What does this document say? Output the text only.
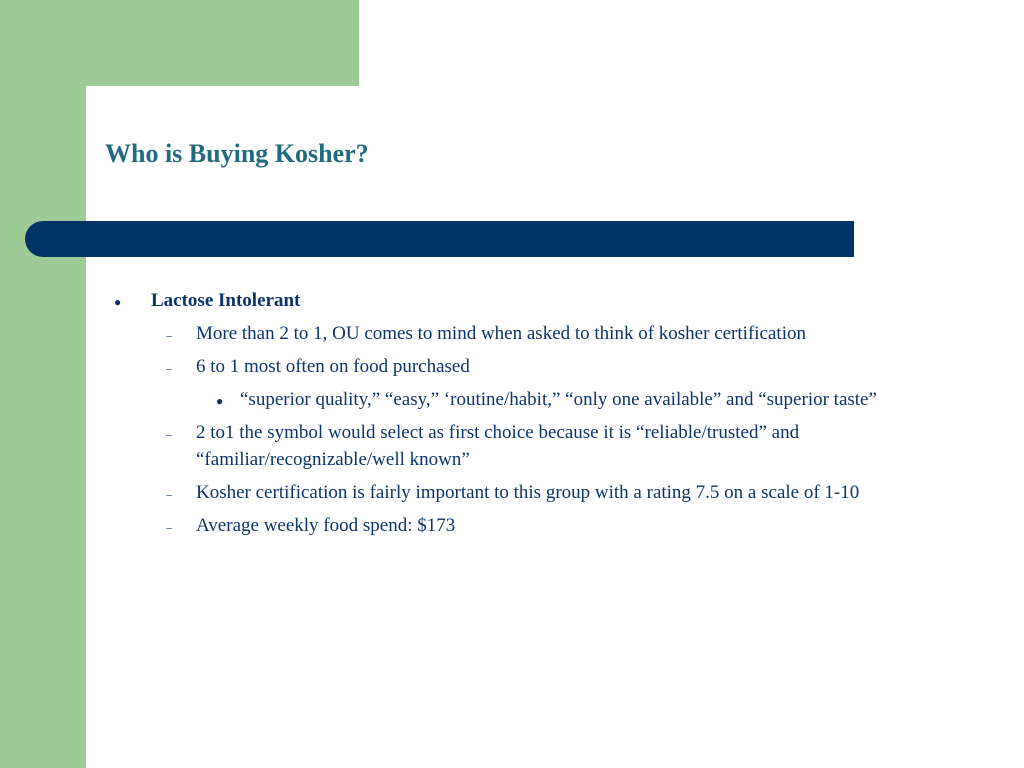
Who is Buying Kosher?
● Lactose Intolerant
– More than 2 to 1, OU comes to mind when asked to think of kosher certification
– 6 to 1 most often on food purchased
● “superior quality,” “easy,” ‘routine/habit,” “only one available” and “superior taste”
– 2 to1 the symbol would select as first choice because it is “reliable/trusted” and
“familiar/recognizable/well known”
– Kosher certification is fairly important to this group with a rating 7.5 on a scale of 1-10
– Average weekly food spend: $173
